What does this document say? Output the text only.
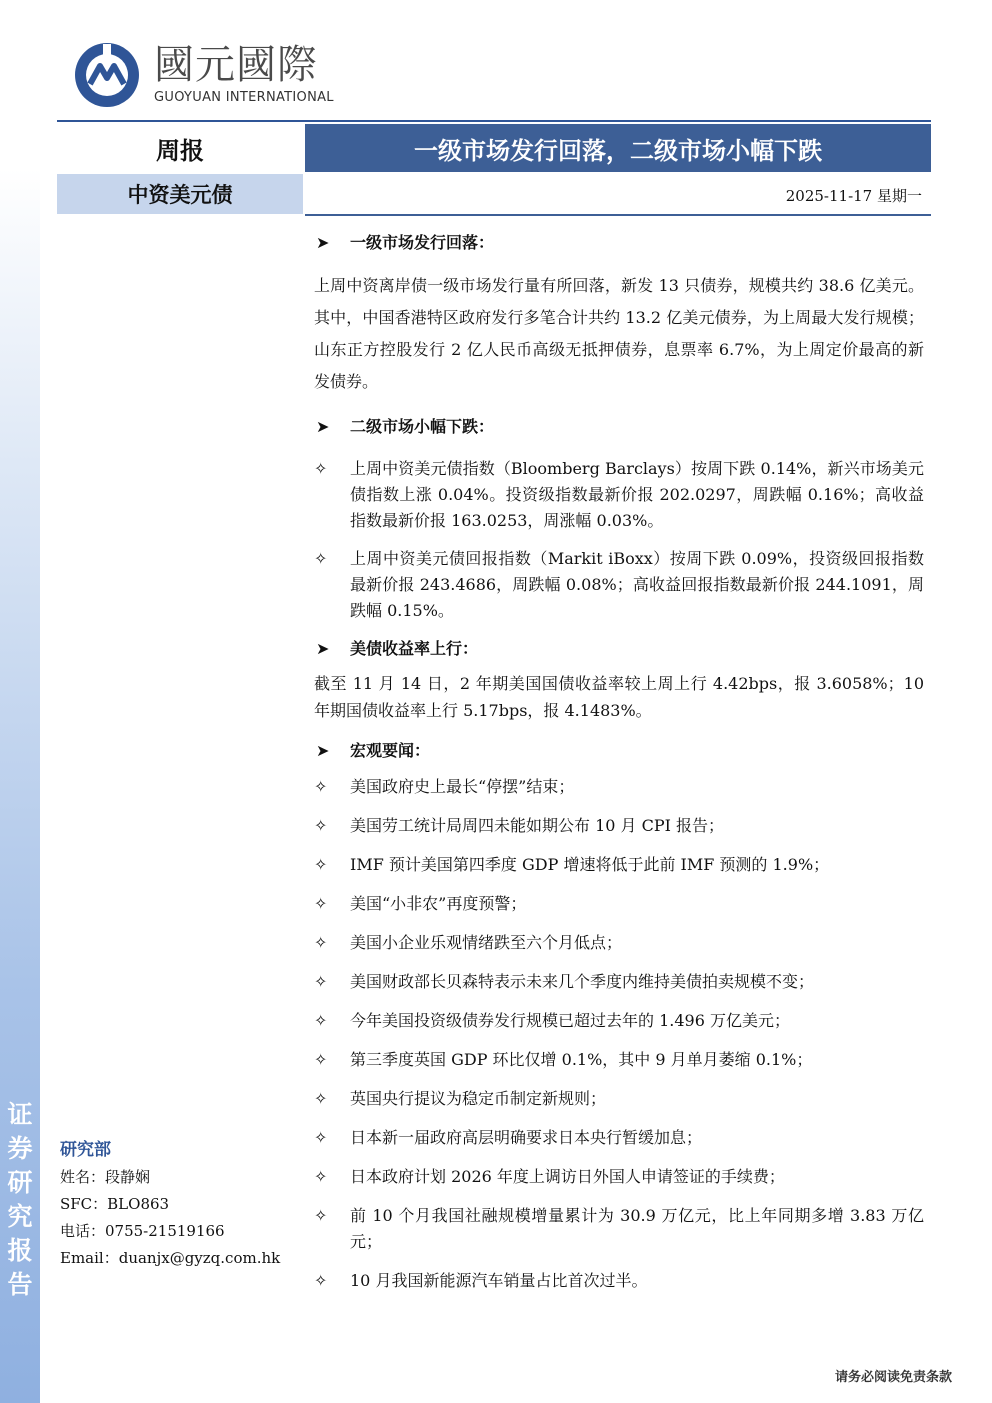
证
券
研
究
报
告
國元國際
GUOYUAN INTERNATIONAL
周报	一级市场发行回落，二级市场小幅下跌
中资美元债	2025-11-17 星期一
➤ 一级市场发行回落：
上周中资离岸债一级市场发行量有所回落，新发 13 只债券，规模共约 38.6 亿美元。其中，中国香港特区政府发行多笔合计共约 13.2 亿美元债券，为上周最大发行规模；山东正方控股发行 2 亿人民币高级无抵押债券，息票率 6.7%，为上周定价最高的新发债券。
➤ 二级市场小幅下跌：
✧ 上周中资美元债指数（Bloomberg Barclays）按周下跌 0.14%，新兴市场美元债指数上涨 0.04%。投资级指数最新价报 202.0297，周跌幅 0.16%；高收益指数最新价报 163.0253，周涨幅 0.03%。
✧ 上周中资美元债回报指数（Markit iBoxx）按周下跌 0.09%，投资级回报指数最新价报 243.4686，周跌幅 0.08%；高收益回报指数最新价报 244.1091，周跌幅 0.15%。
➤ 美债收益率上行：
截至 11 月 14 日，2 年期美国国债收益率较上周上行 4.42bps，报 3.6058%；10 年期国债收益率上行 5.17bps，报 4.1483%。
➤ 宏观要闻：
✧ 美国政府史上最长“停摆”结束；
✧ 美国劳工统计局周四未能如期公布 10 月 CPI 报告；
✧ IMF 预计美国第四季度 GDP 增速将低于此前 IMF 预测的 1.9%；
✧ 美国“小非农”再度预警；
✧ 美国小企业乐观情绪跌至六个月低点；
✧ 美国财政部长贝森特表示未来几个季度内维持美债拍卖规模不变；
✧ 今年美国投资级债券发行规模已超过去年的 1.496 万亿美元；
✧ 第三季度英国 GDP 环比仅增 0.1%，其中 9 月单月萎缩 0.1%；
✧ 英国央行提议为稳定币制定新规则；
✧ 日本新一届政府高层明确要求日本央行暂缓加息；
✧ 日本政府计划 2026 年度上调访日外国人申请签证的手续费；
✧ 前 10 个月我国社融规模增量累计为 30.9 万亿元，比上年同期多增 3.83 万亿元；
✧ 10 月我国新能源汽车销量占比首次过半。
研究部
姓名：段静娴
SFC：BLO863
电话：0755-21519166
Email：duanjx@gyzq.com.hk
请务必阅读免责条款
